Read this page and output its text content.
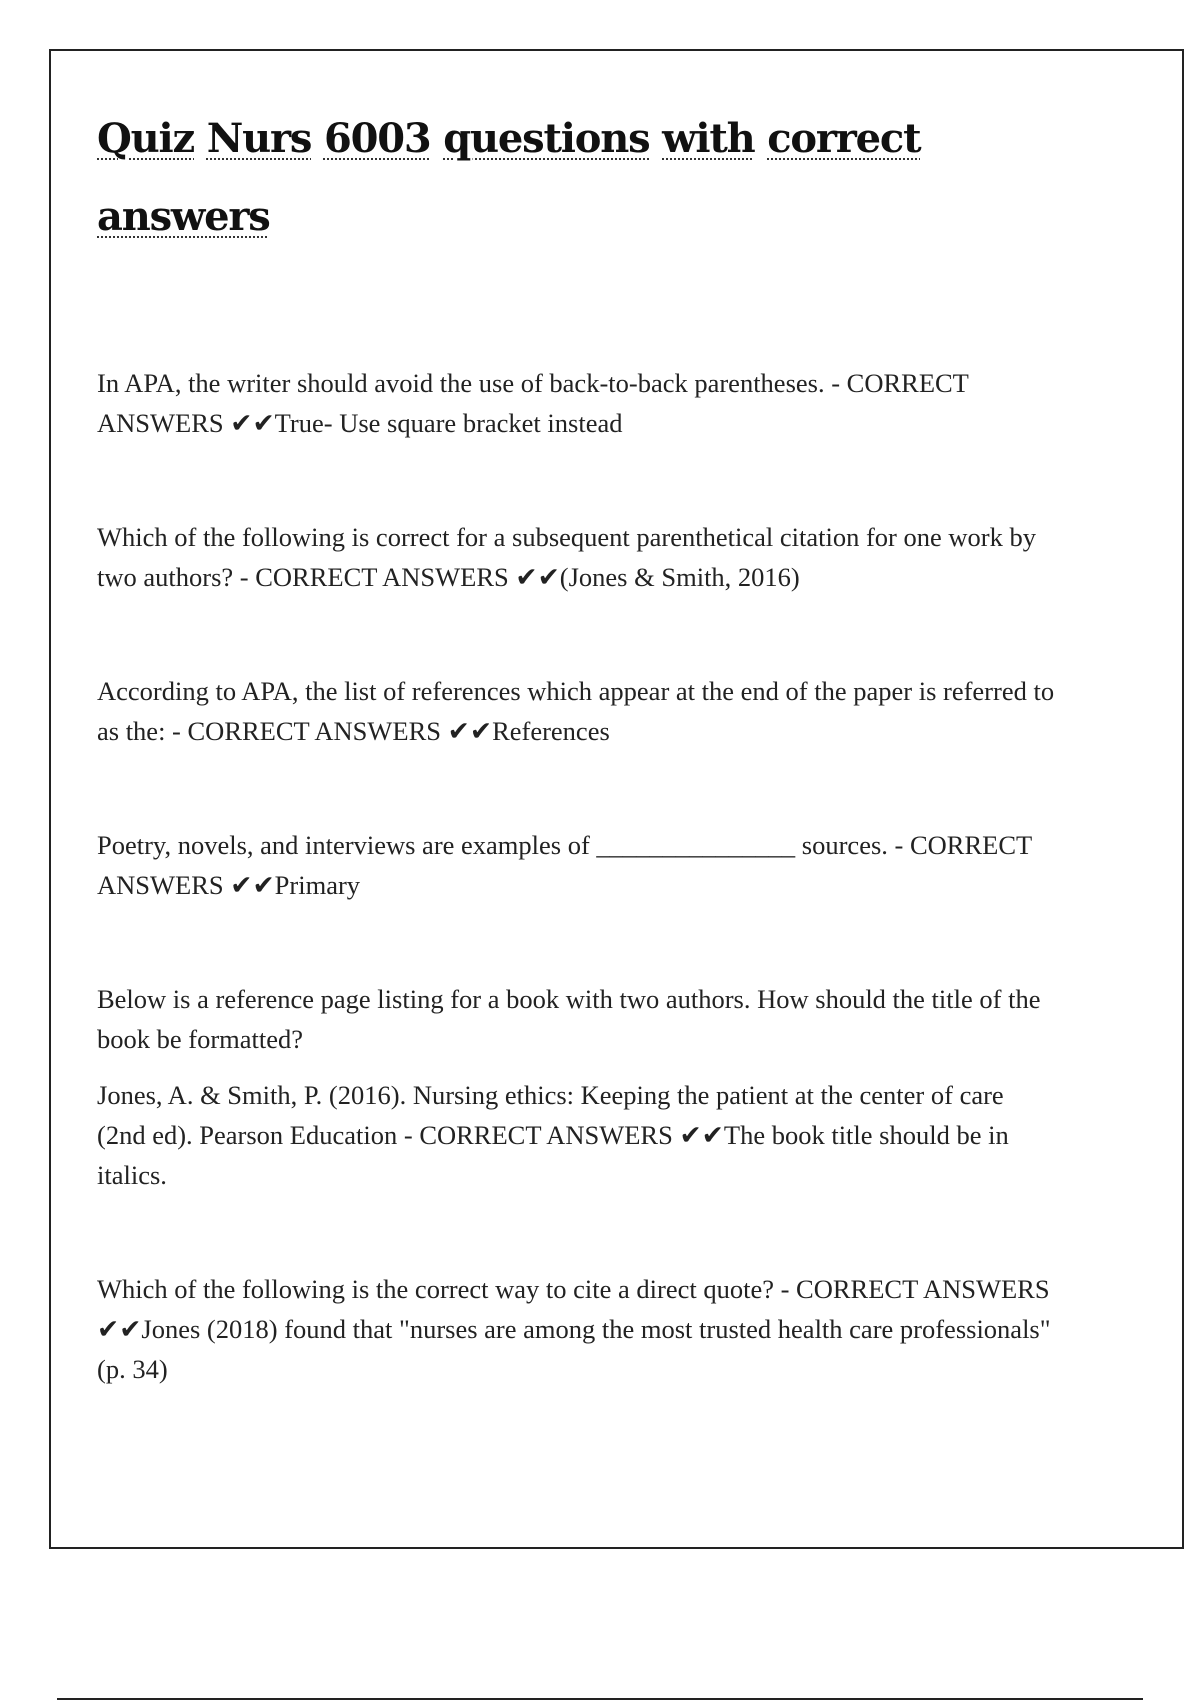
Quiz Nurs 6003 questions with correct answers

In APA, the writer should avoid the use of back-to-back parentheses. - CORRECT ANSWERS ✔✔True- Use square bracket instead

Which of the following is correct for a subsequent parenthetical citation for one work by two authors? - CORRECT ANSWERS ✔✔(Jones & Smith, 2016)

According to APA, the list of references which appear at the end of the paper is referred to as the: - CORRECT ANSWERS ✔✔References

Poetry, novels, and interviews are examples of _______________ sources. - CORRECT ANSWERS ✔✔Primary

Below is a reference page listing for a book with two authors. How should the title of the book be formatted?

Jones, A. & Smith, P. (2016). Nursing ethics: Keeping the patient at the center of care (2nd ed). Pearson Education - CORRECT ANSWERS ✔✔The book title should be in italics.

Which of the following is the correct way to cite a direct quote? - CORRECT ANSWERS ✔✔Jones (2018) found that "nurses are among the most trusted health care professionals" (p. 34)
